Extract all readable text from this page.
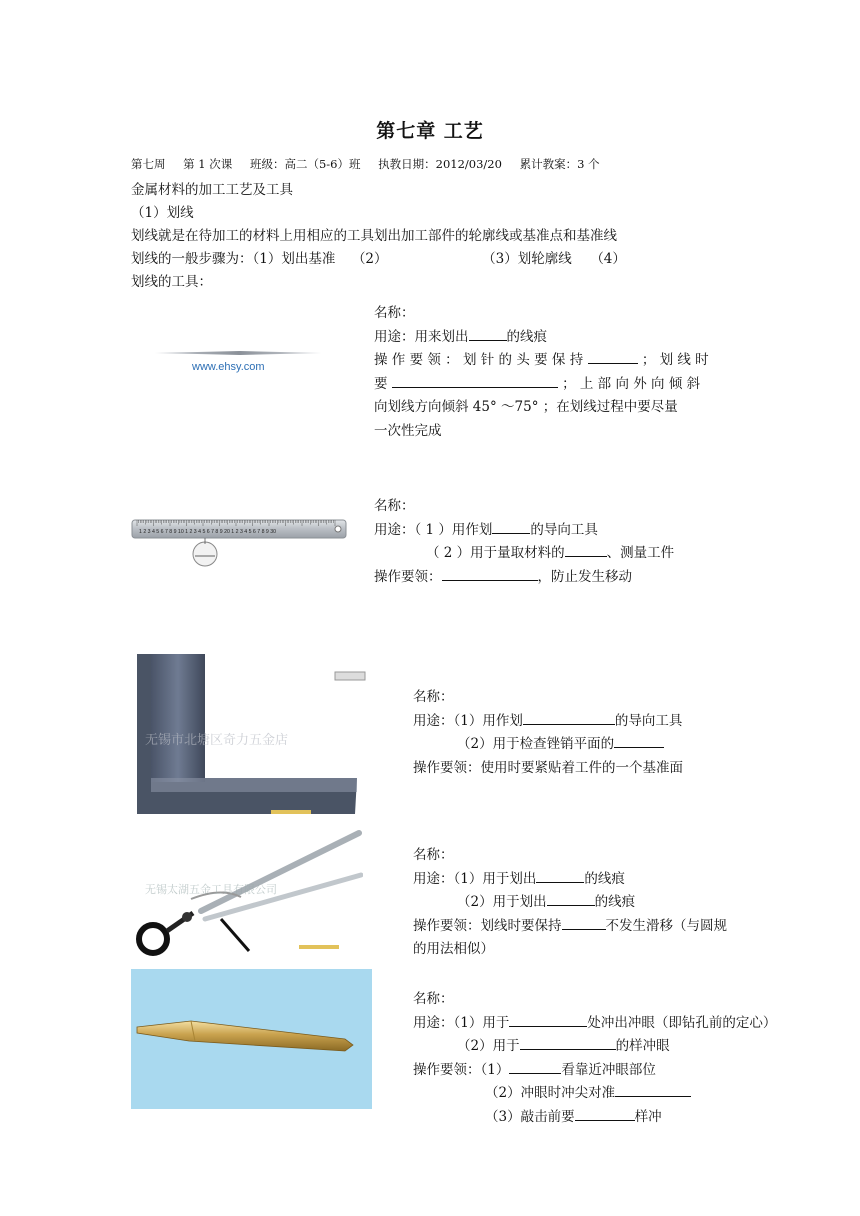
第七章 工艺
第七周 第 1 次课 班级：高二（5-6）班 执教日期：2012/03/20 累计教案：3 个
金属材料的加工工艺及工具
（1）划线
划线就是在待加工的材料上用相应的工具划出加工部件的轮廓线或基准点和基准线
划线的一般步骤为：（1）划出基准 （2）	（3）划轮廓线 （4）
划线的工具：
www.ehsy.com
名称：
用途：用来划出	的线痕
操 作 要 领 ： 划 针 的 头 要 保 持	； 划 线 时
要	； 上 部 向 外 向 倾 斜
向划线方向倾斜 45° ～75° ；在划线过程中要尽量
一次性完成
1 2 3 4 5 6 7 8 9 10 1 2 3 4 5 6 7 8 9 20 1 2 3 4 5 6 7 8 9 30
名称：
用途：（ 1 ）用作划	的导向工具
（ 2 ）用于量取材料的	、测量工件
操作要领：	，防止发生移动
无锡市北塘区奇力五金店
名称：
用途：（1）用作划	的导向工具
（2）用于检查锉销平面的
操作要领：使用时要紧贴着工件的一个基准面
无锡太湖五金工具有限公司
名称：
用途：（1）用于划出	的线痕
（2）用于划出	的线痕
操作要领：划线时要保持	不发生滑移（与圆规
的用法相似）
名称：
用途：（1）用于	处冲出冲眼（即钻孔前的定心）
（2）用于	的样冲眼
操作要领：（1）	看靠近冲眼部位
（2）冲眼时冲尖对准
（3）敲击前要	样冲
